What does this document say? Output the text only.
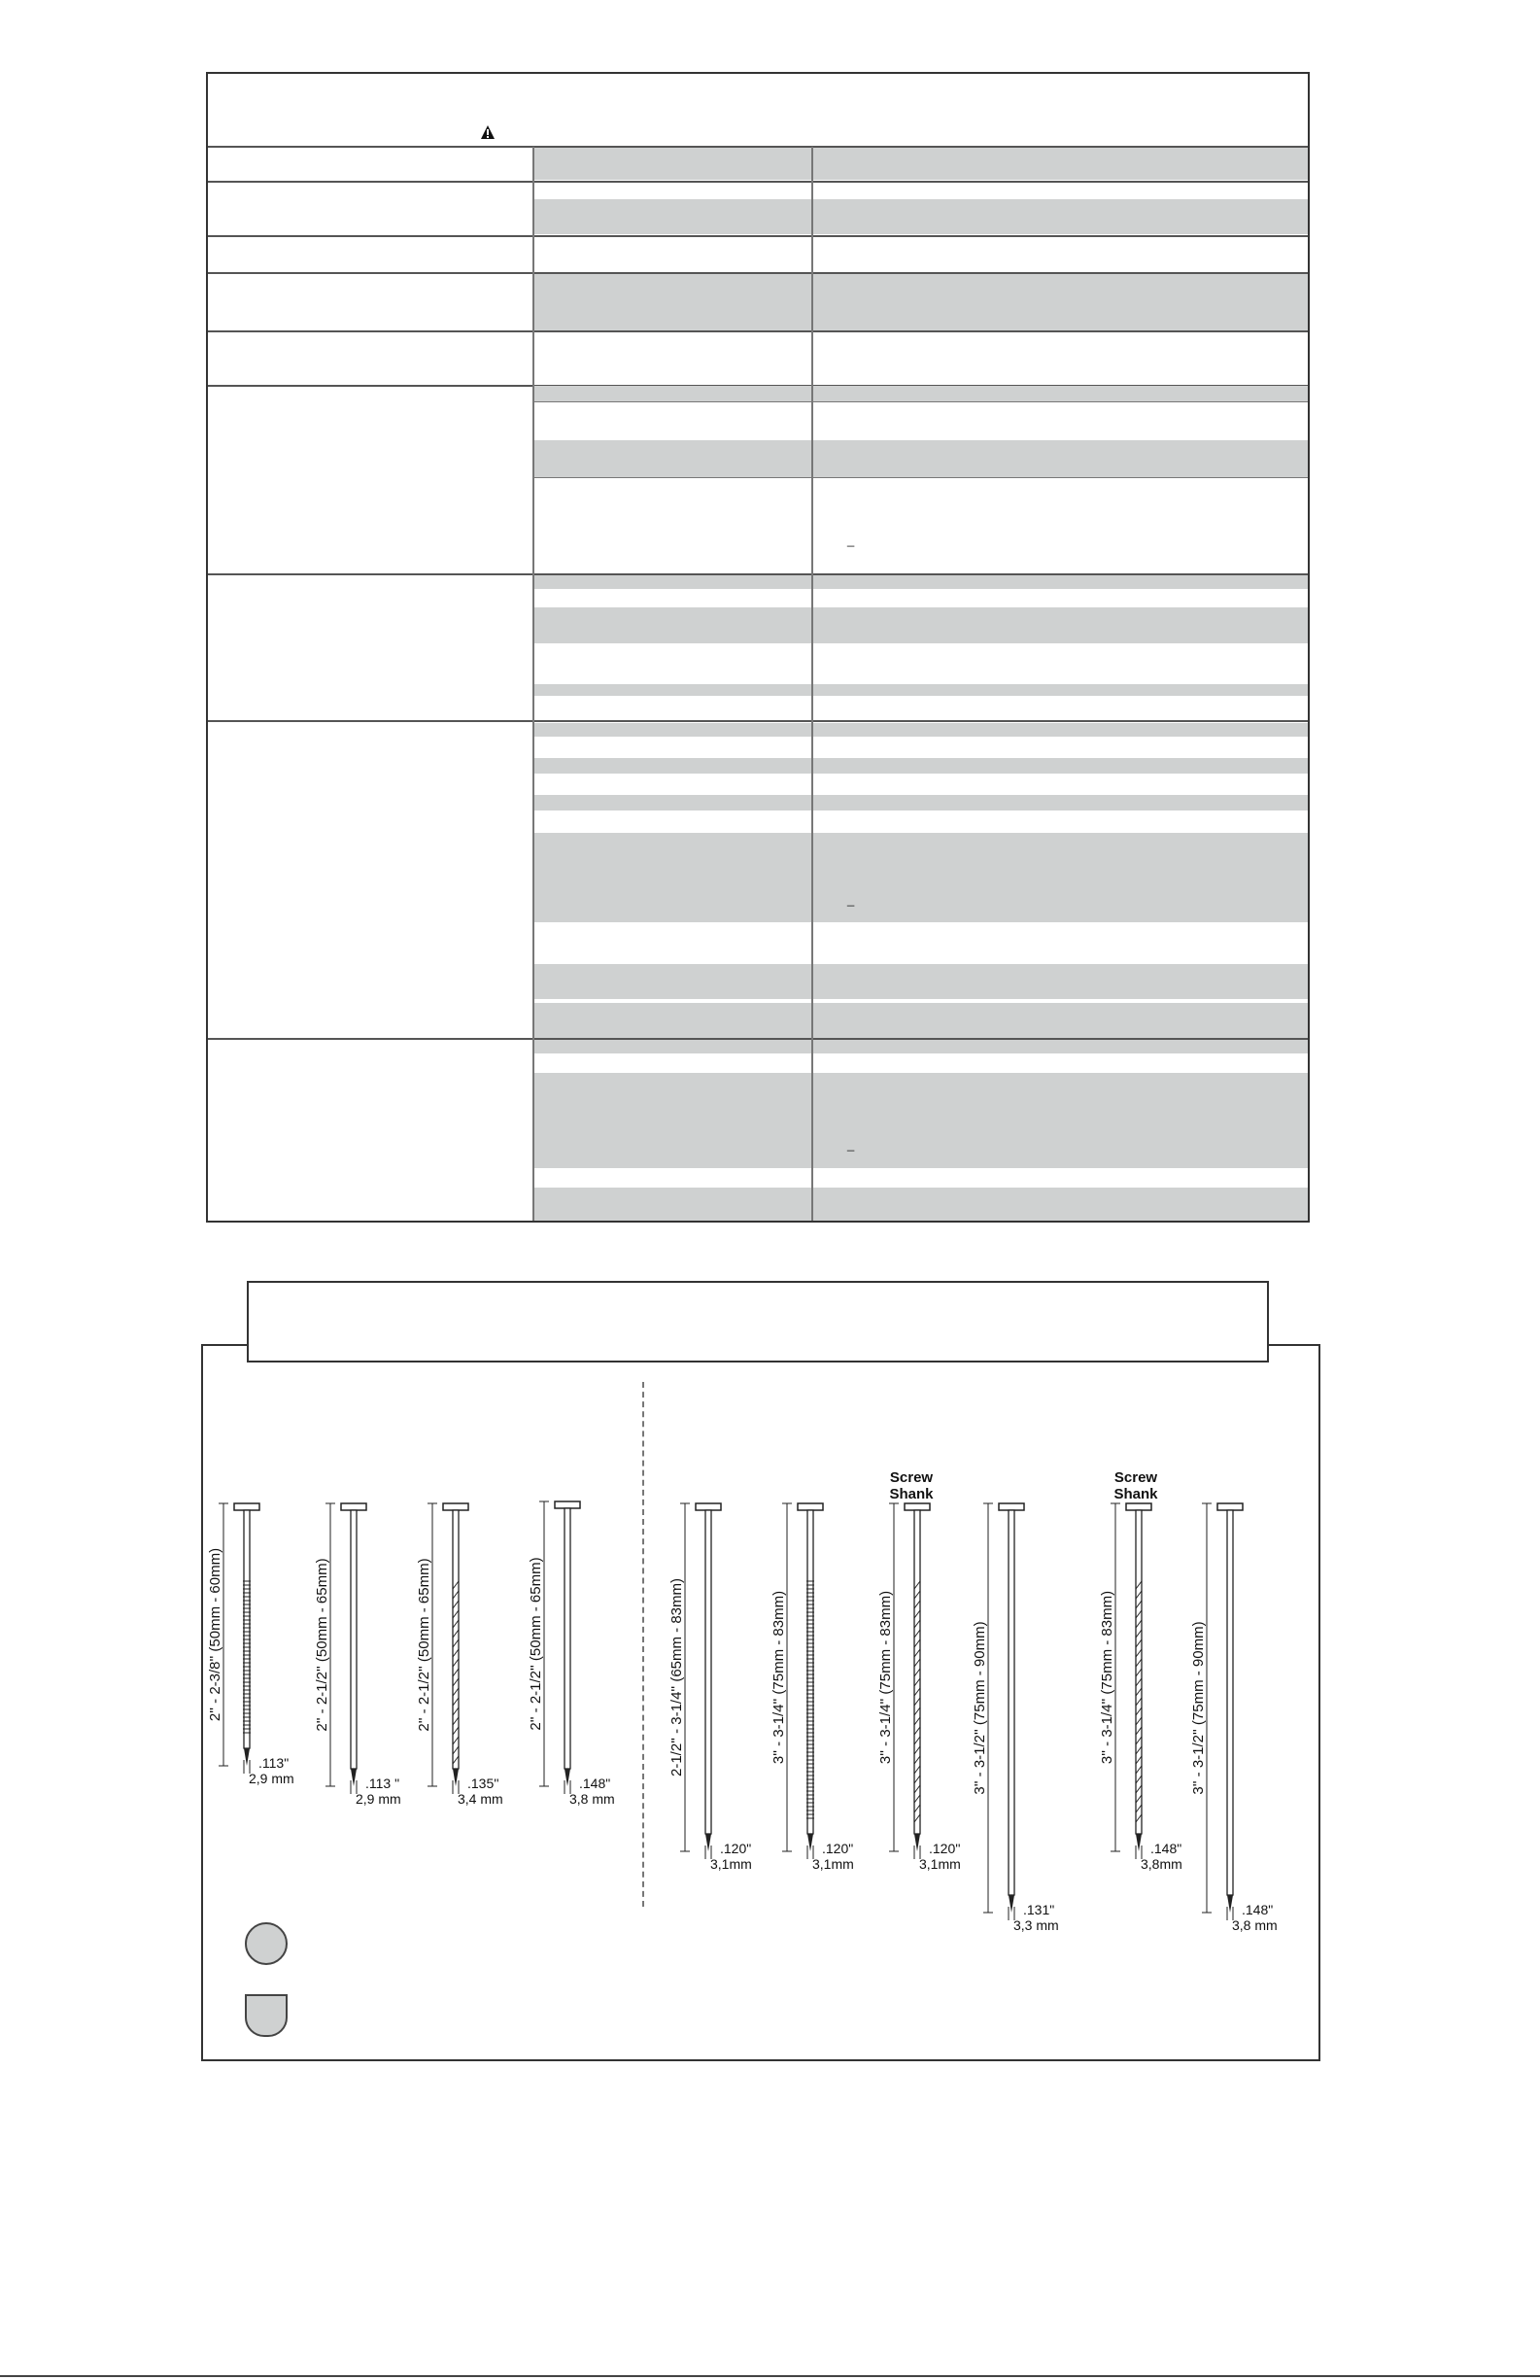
_
_
_
Screw
Shank
Screw
Shank
2'' - 2-3/8'' (50mm - 60mm)
.113"
2,9 mm
2'' - 2-1/2'' (50mm - 65mm)
.113 "
2,9 mm
2'' - 2-1/2'' (50mm - 65mm)
.135''
3,4 mm
2'' - 2-1/2'' (50mm - 65mm)
.148"
3,8 mm
2-1/2'' - 3-1/4'' (65mm - 83mm)
.120"
3,1mm
3'' - 3-1/4'' (75mm - 83mm)
.120"
3,1mm
3'' - 3-1/4'' (75mm - 83mm)
.120''
3,1mm
3'' - 3-1/2'' (75mm - 90mm)
.131"
3,3 mm
3'' - 3-1/4'' (75mm - 83mm)
.148"
3,8mm
3'' - 3-1/2'' (75mm - 90mm)
.148"
3,8 mm
